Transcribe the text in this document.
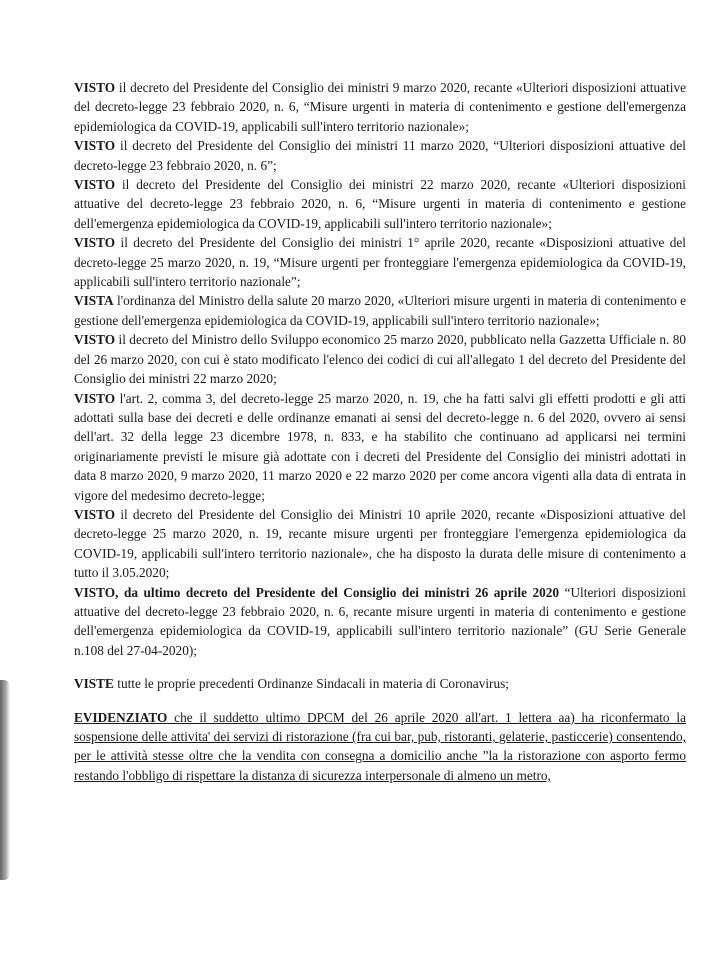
VISTO il decreto del Presidente del Consiglio dei ministri 9 marzo 2020, recante «Ulteriori disposizioni attuative del decreto-legge 23 febbraio 2020, n. 6, “Misure urgenti in materia di contenimento e gestione dell'emergenza epidemiologica da COVID-19, applicabili sull'intero territorio nazionale»;

VISTO il decreto del Presidente del Consiglio dei ministri 11 marzo 2020, “Ulteriori disposizioni attuative del decreto-legge 23 febbraio 2020, n. 6”;

VISTO il decreto del Presidente del Consiglio dei ministri 22 marzo 2020, recante «Ulteriori disposizioni attuative del decreto-legge 23 febbraio 2020, n. 6, “Misure urgenti in materia di contenimento e gestione dell'emergenza epidemiologica da COVID-19, applicabili sull'intero territorio nazionale»;

VISTO il decreto del Presidente del Consiglio dei ministri 1° aprile 2020, recante «Disposizioni attuative del decreto-legge 25 marzo 2020, n. 19, “Misure urgenti per fronteggiare l'emergenza epidemiologica da COVID-19, applicabili sull'intero territorio nazionale”;

VISTA l'ordinanza del Ministro della salute 20 marzo 2020, «Ulteriori misure urgenti in materia di contenimento e gestione dell'emergenza epidemiologica da COVID-19, applicabili sull'intero territorio nazionale»;

VISTO il decreto del Ministro dello Sviluppo economico 25 marzo 2020, pubblicato nella Gazzetta Ufficiale n. 80 del 26 marzo 2020, con cui è stato modificato l'elenco dei codici di cui all'allegato 1 del decreto del Presidente del Consiglio dei ministri 22 marzo 2020;

VISTO l'art. 2, comma 3, del decreto-legge 25 marzo 2020, n. 19, che ha fatti salvi gli effetti prodotti e gli atti adottati sulla base dei decreti e delle ordinanze emanati ai sensi del decreto-legge n. 6 del 2020, ovvero ai sensi dell'art. 32 della legge 23 dicembre 1978, n. 833, e ha stabilito che continuano ad applicarsi nei termini originariamente previsti le misure già adottate con i decreti del Presidente del Consiglio dei ministri adottati in data 8 marzo 2020, 9 marzo 2020, 11 marzo 2020 e 22 marzo 2020 per come ancora vigenti alla data di entrata in vigore del medesimo decreto-legge;

VISTO il decreto del Presidente del Consiglio dei Ministri 10 aprile 2020, recante «Disposizioni attuative del decreto-legge 25 marzo 2020, n. 19, recante misure urgenti per fronteggiare l'emergenza epidemiologica da COVID-19, applicabili sull'intero territorio nazionale», che ha disposto la durata delle misure di contenimento a tutto il 3.05.2020;

VISTO, da ultimo decreto del Presidente del Consiglio dei ministri 26 aprile 2020 “Ulteriori disposizioni attuative del decreto-legge 23 febbraio 2020, n. 6, recante misure urgenti in materia di contenimento e gestione dell'emergenza epidemiologica da COVID-19, applicabili sull'intero territorio nazionale” (GU Serie Generale n.108 del 27-04-2020);

VISTE tutte le proprie precedenti Ordinanze Sindacali in materia di Coronavirus;

EVIDENZIATO che il suddetto ultimo DPCM del 26 aprile 2020 all'art. 1 lettera aa) ha riconfermato la sospensione delle attivita' dei servizi di ristorazione (fra cui bar, pub, ristoranti, gelaterie, pasticcerie) consentendo, per le attività stesse oltre che la vendita con consegna a domicilio anche ”la la ristorazione con asporto fermo restando l'obbligo di rispettare la distanza di sicurezza interpersonale di almeno un metro,
